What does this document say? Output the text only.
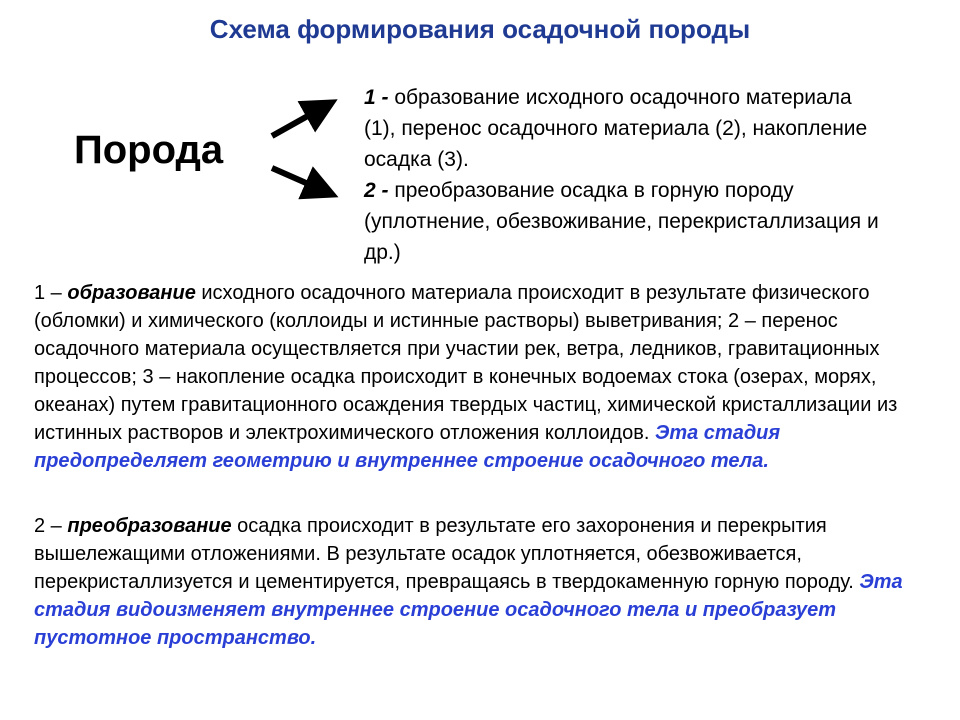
Схема формирования осадочной породы
Порода
1 - образование исходного осадочного материала (1), перенос осадочного материала (2), накопление осадка (3).
2 - преобразование осадка в горную породу (уплотнение, обезвоживание, перекристаллизация и др.)
1 – образование исходного осадочного материала происходит в результате физического (обломки) и химического (коллоиды и истинные растворы) выветривания; 2 – перенос осадочного материала осуществляется при участии рек, ветра, ледников, гравитационных процессов; 3 – накопление осадка происходит в конечных водоемах стока (озерах, морях, океанах) путем гравитационного осаждения твердых частиц, химической кристаллизации из истинных растворов и электрохимического отложения коллоидов. Эта стадия предопределяет геометрию и внутреннее строение осадочного тела.
2 – преобразование осадка происходит в результате его захоронения и перекрытия вышележащими отложениями. В результате осадок уплотняется, обезвоживается, перекристаллизуется и цементируется, превращаясь в твердокаменную горную породу. Эта стадия видоизменяет внутреннее строение осадочного тела и преобразует пустотное пространство.
